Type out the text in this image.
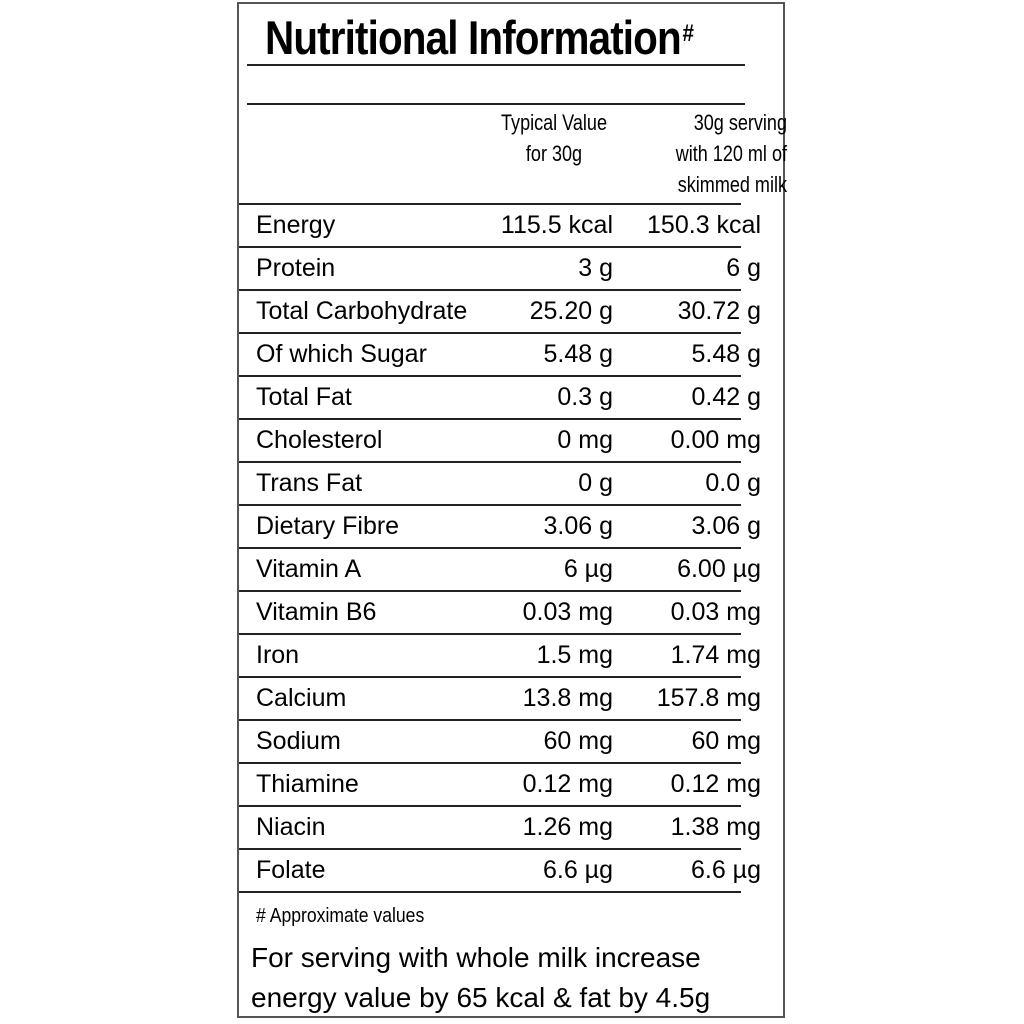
Nutritional Information#
Typical Value
for 30g
30g serving
with 120 ml of
skimmed milk
Energy	115.5 kcal 150.3 kcal
Protein	3 g	6 g
Total Carbohydrate 25.20 g	30.72 g
Of which Sugar	5.48 g	5.48 g
Total Fat	0.3 g	0.42 g
Cholesterol	0 mg 0.00 mg
Trans Fat	0 g	0.0 g
Dietary Fibre	3.06 g	3.06 g
Vitamin A	6 µg	6.00 µg
Vitamin B6	0.03 mg 0.03 mg
Iron	1.5 mg 1.74 mg
Calcium	13.8 mg 157.8 mg
Sodium	60 mg	60 mg
Thiamine	0.12 mg 0.12 mg
Niacin	1.26 mg 1.38 mg
Folate	6.6 µg	6.6 µg
# Approximate values
For serving with whole milk increase
energy value by 65 kcal & fat by 4.5g
